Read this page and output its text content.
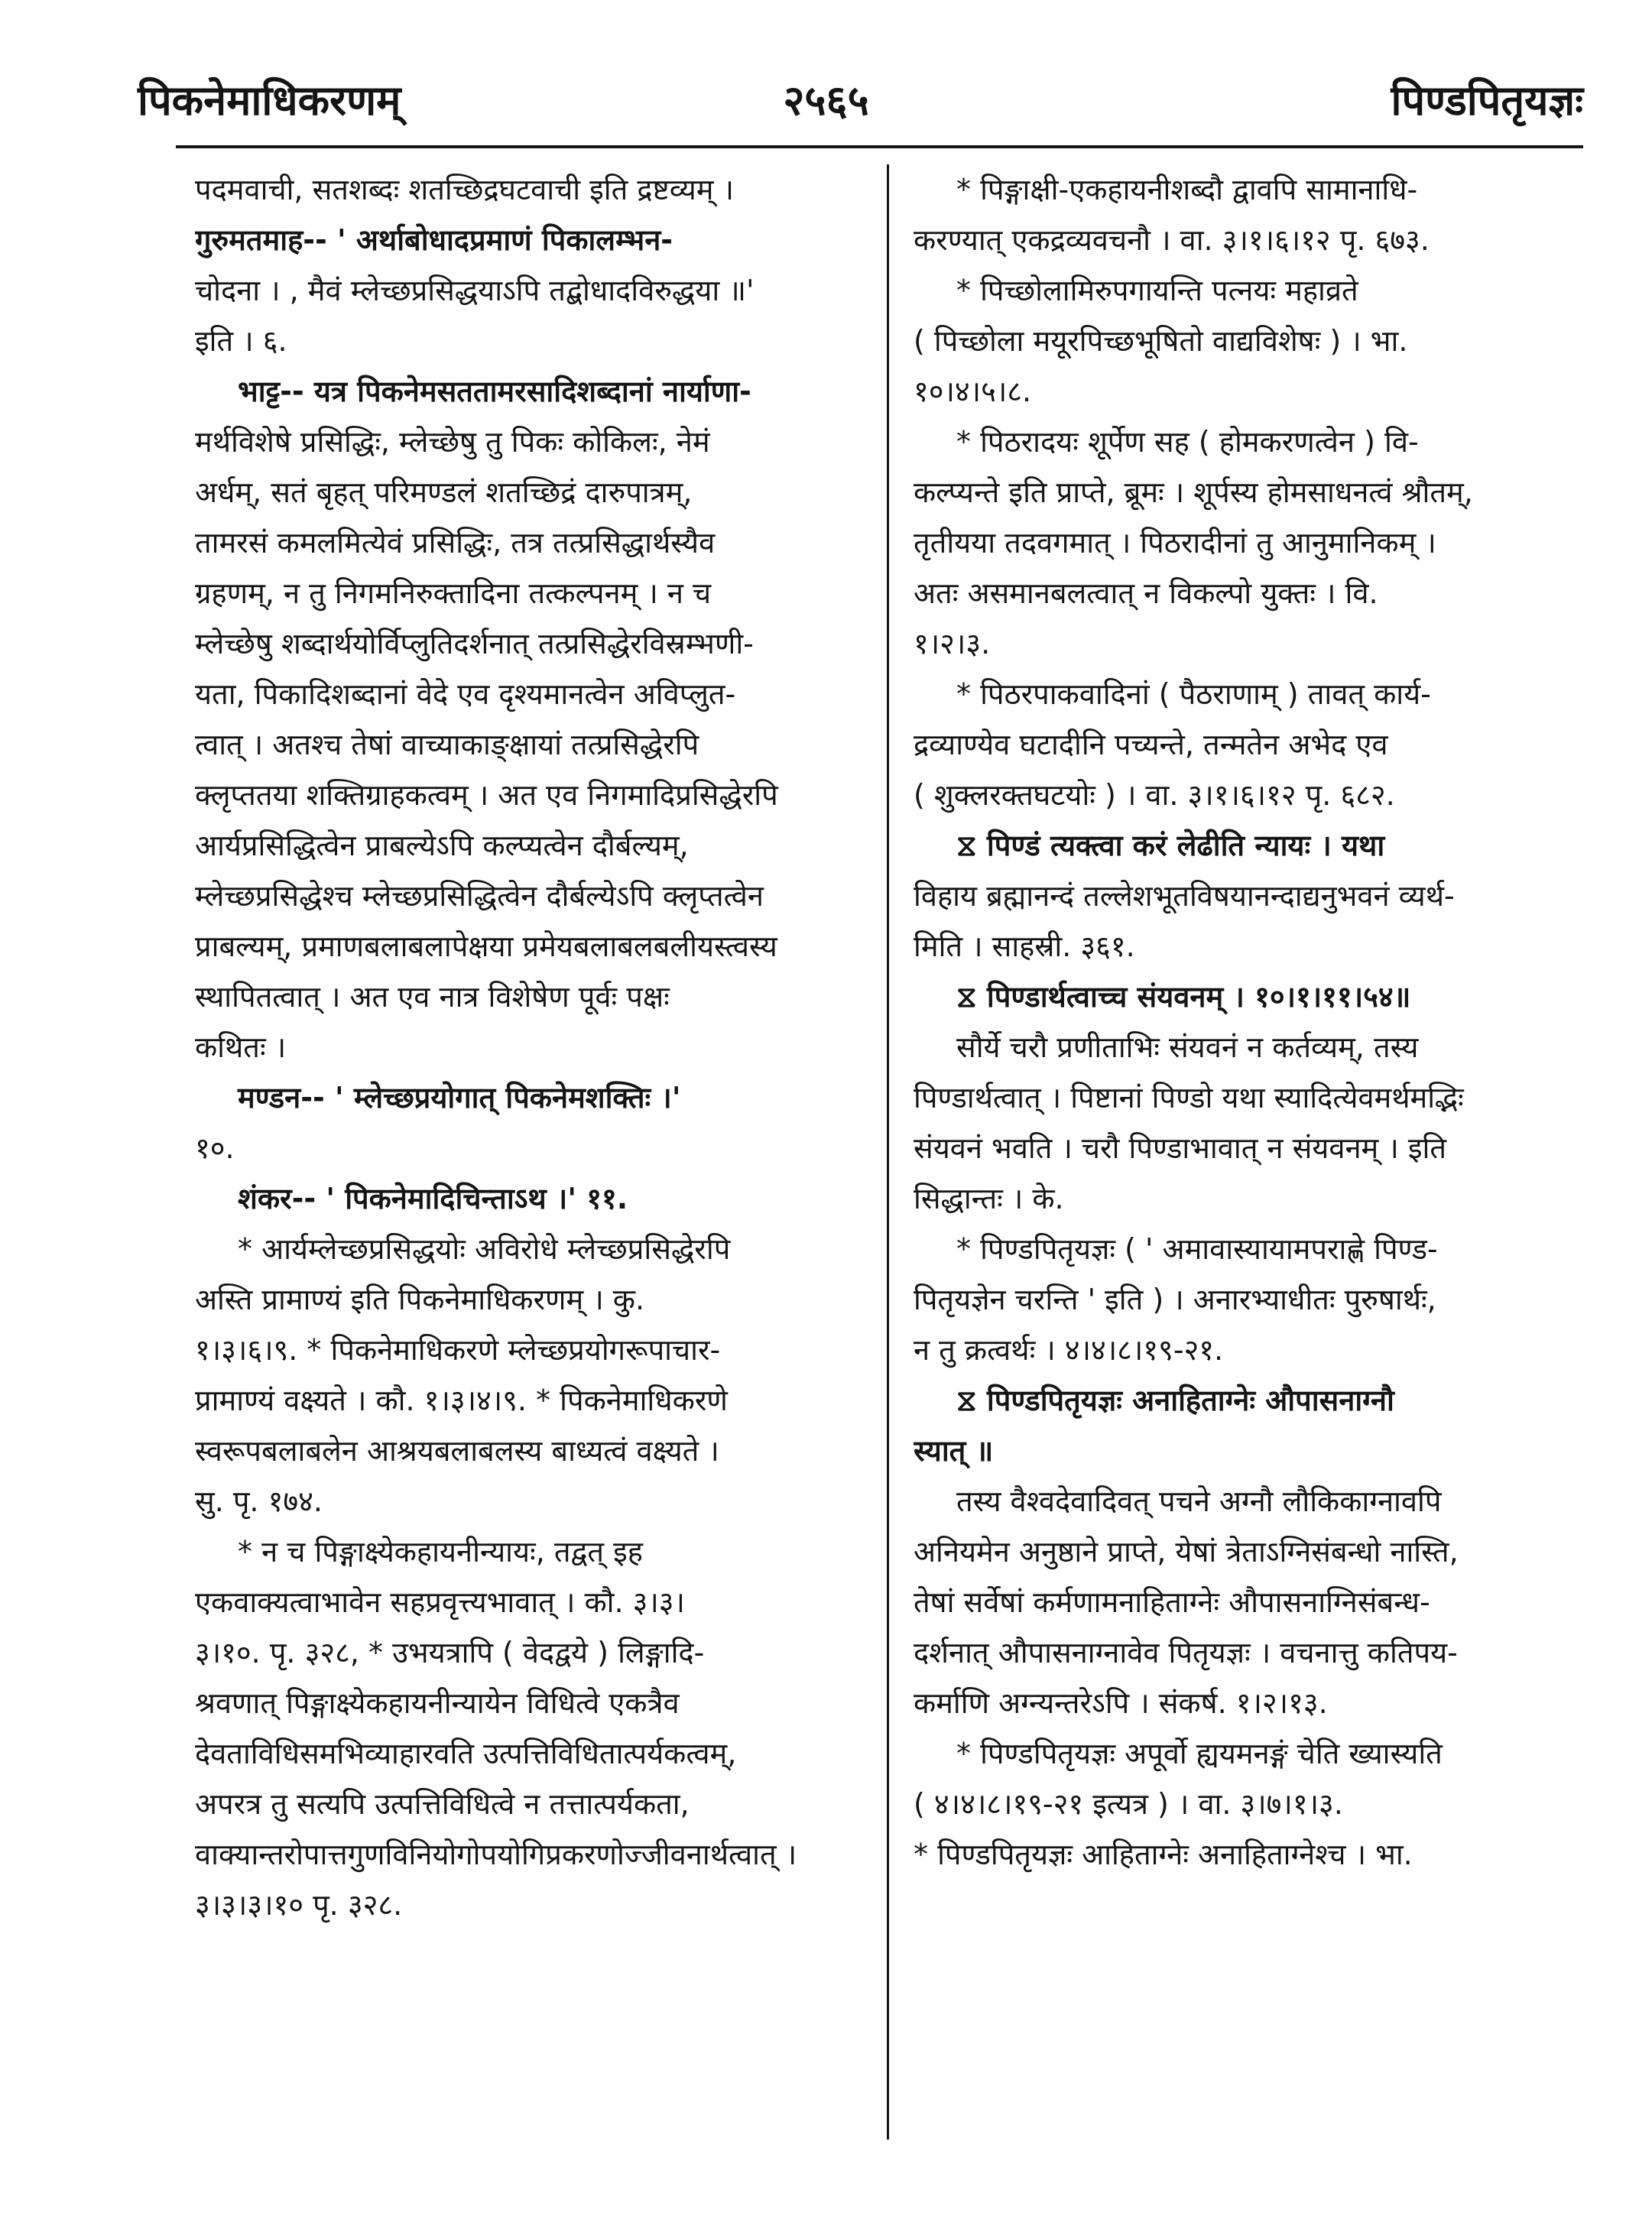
पिकनेमाधिकरणम्	२५६५	पिण्डपितृयज्ञः
पदमवाची, सतशब्दः शतच्छिद्रघटवाची इति द्रष्टव्यम् ।
गुरुमतमाह-- ' अर्थाबोधादप्रमाणं पिकालम्भन-
चोदना । , मैवं म्लेच्छप्रसिद्धयाऽपि तद्बोधादविरुद्धया ॥'
इति । ६.
भाट्ट-- यत्र पिकनेमसततामरसादिशब्दानां नार्याणा-
मर्थविशेषे प्रसिद्धिः, म्लेच्छेषु तु पिकः कोकिलः, नेमं
अर्धम्, सतं बृहत् परिमण्डलं शतच्छिद्रं दारुपात्रम्,
तामरसं कमलमित्येवं प्रसिद्धिः, तत्र तत्प्रसिद्धार्थस्यैव
ग्रहणम्, न तु निगमनिरुक्तादिना तत्कल्पनम् । न च
म्लेच्छेषु शब्दार्थयोर्विप्लुतिदर्शनात् तत्प्रसिद्धेरविस्रम्भणी-
यता, पिकादिशब्दानां वेदे एव दृश्यमानत्वेन अविप्लुत-
त्वात् । अतश्च तेषां वाच्याकाङ्क्षायां तत्प्रसिद्धेरपि
क्लृप्ततया शक्तिग्राहकत्वम् । अत एव निगमादिप्रसिद्धेरपि
आर्यप्रसिद्धित्वेन प्राबल्येऽपि कल्प्यत्वेन दौर्बल्यम्,
म्लेच्छप्रसिद्धेश्च म्लेच्छप्रसिद्धित्वेन दौर्बल्येऽपि क्लृप्तत्वेन
प्राबल्यम्, प्रमाणबलाबलापेक्षया प्रमेयबलाबलबलीयस्त्वस्य
स्थापितत्वात् । अत एव नात्र विशेषेण पूर्वः पक्षः
कथितः ।
मण्डन-- ' म्लेच्छप्रयोगात् पिकनेमशक्तिः ।'
१०.
शंकर-- ' पिकनेमादिचिन्ताऽथ ।' ११.
* आर्यम्लेच्छप्रसिद्धयोः अविरोधे म्लेच्छप्रसिद्धेरपि
अस्ति प्रामाण्यं इति पिकनेमाधिकरणम् । कु.
१।३।६।९. * पिकनेमाधिकरणे म्लेच्छप्रयोगरूपाचार-
प्रामाण्यं वक्ष्यते । कौ. १।३।४।९. * पिकनेमाधिकरणे
स्वरूपबलाबलेन आश्रयबलाबलस्य बाध्यत्वं वक्ष्यते ।
सु. पृ. १७४.
* न च पिङ्गाक्ष्येकहायनीन्यायः, तद्वत् इह
एकवाक्यत्वाभावेन सहप्रवृत्त्यभावात् । कौ. ३।३।
३।१०. पृ. ३२८, * उभयत्रापि ( वेदद्वये ) लिङ्गादि-
श्रवणात् पिङ्गाक्ष्येकहायनीन्यायेन विधित्वे एकत्रैव
देवताविधिसमभिव्याहारवति उत्पत्तिविधितात्पर्यकत्वम्,
अपरत्र तु सत्यपि उत्पत्तिविधित्वे न तत्तात्पर्यकता,
वाक्यान्तरोपात्तगुणविनियोगोपयोगिप्रकरणोज्जीवनार्थत्वात् ।
३।३।३।१० पृ. ३२८.
* पिङ्गाक्षी-एकहायनीशब्दौ द्वावपि सामानाधि-
करण्यात् एकद्रव्यवचनौ । वा. ३।१।६।१२ पृ. ६७३.
* पिच्छोलामिरुपगायन्ति पत्नयः महाव्रते
( पिच्छोला मयूरपिच्छभूषितो वाद्यविशेषः ) । भा.
१०।४।५।८.
* पिठरादयः शूर्पेण सह ( होमकरणत्वेन ) वि-
कल्प्यन्ते इति प्राप्ते, ब्रूमः । शूर्पस्य होमसाधनत्वं श्रौतम्,
तृतीयया तदवगमात् । पिठरादीनां तु आनुमानिकम् ।
अतः असमानबलत्वात् न विकल्पो युक्तः । वि.
१।२।३.
* पिठरपाकवादिनां ( पैठराणाम् ) तावत् कार्य-
द्रव्याण्येव घटादीनि पच्यन्ते, तन्मतेन अभेद एव
( शुक्लरक्तघटयोः ) । वा. ३।१।६।१२ पृ. ६८२.
⧖ पिण्डं त्यक्त्वा करं लेढीति न्यायः । यथा
विहाय ब्रह्मानन्दं तल्लेशभूतविषयानन्दाद्यनुभवनं व्यर्थ-
मिति । साहस्री. ३६१.
⧖ पिण्डार्थत्वाच्च संयवनम् । १०।१।११।५४॥
सौर्ये चरौ प्रणीताभिः संयवनं न कर्तव्यम्, तस्य
पिण्डार्थत्वात् । पिष्टानां पिण्डो यथा स्यादित्येवमर्थमद्भिः
संयवनं भवति । चरौ पिण्डाभावात् न संयवनम् । इति
सिद्धान्तः । के.
* पिण्डपितृयज्ञः ( ' अमावास्यायामपराह्णे पिण्ड-
पितृयज्ञेन चरन्ति ' इति ) । अनारभ्याधीतः पुरुषार्थः,
न तु क्रत्वर्थः । ४।४।८।१९-२१.
⧖ पिण्डपितृयज्ञः अनाहिताग्नेः औपासनाग्नौ
स्यात् ॥
तस्य वैश्वदेवादिवत् पचने अग्नौ लौकिकाग्नावपि
अनियमेन अनुष्ठाने प्राप्ते, येषां त्रेताऽग्निसंबन्धो नास्ति,
तेषां सर्वेषां कर्मणामनाहिताग्नेः औपासनाग्निसंबन्ध-
दर्शनात् औपासनाग्नावेव पितृयज्ञः । वचनात्तु कतिपय-
कर्माणि अग्न्यन्तरेऽपि । संकर्ष. १।२।१३.
* पिण्डपितृयज्ञः अपूर्वो ह्ययमनङ्गं चेति ख्यास्यति
( ४।४।८।१९-२१ इत्यत्र ) । वा. ३।७।१।३.
* पिण्डपितृयज्ञः आहिताग्नेः अनाहिताग्नेश्च । भा.
